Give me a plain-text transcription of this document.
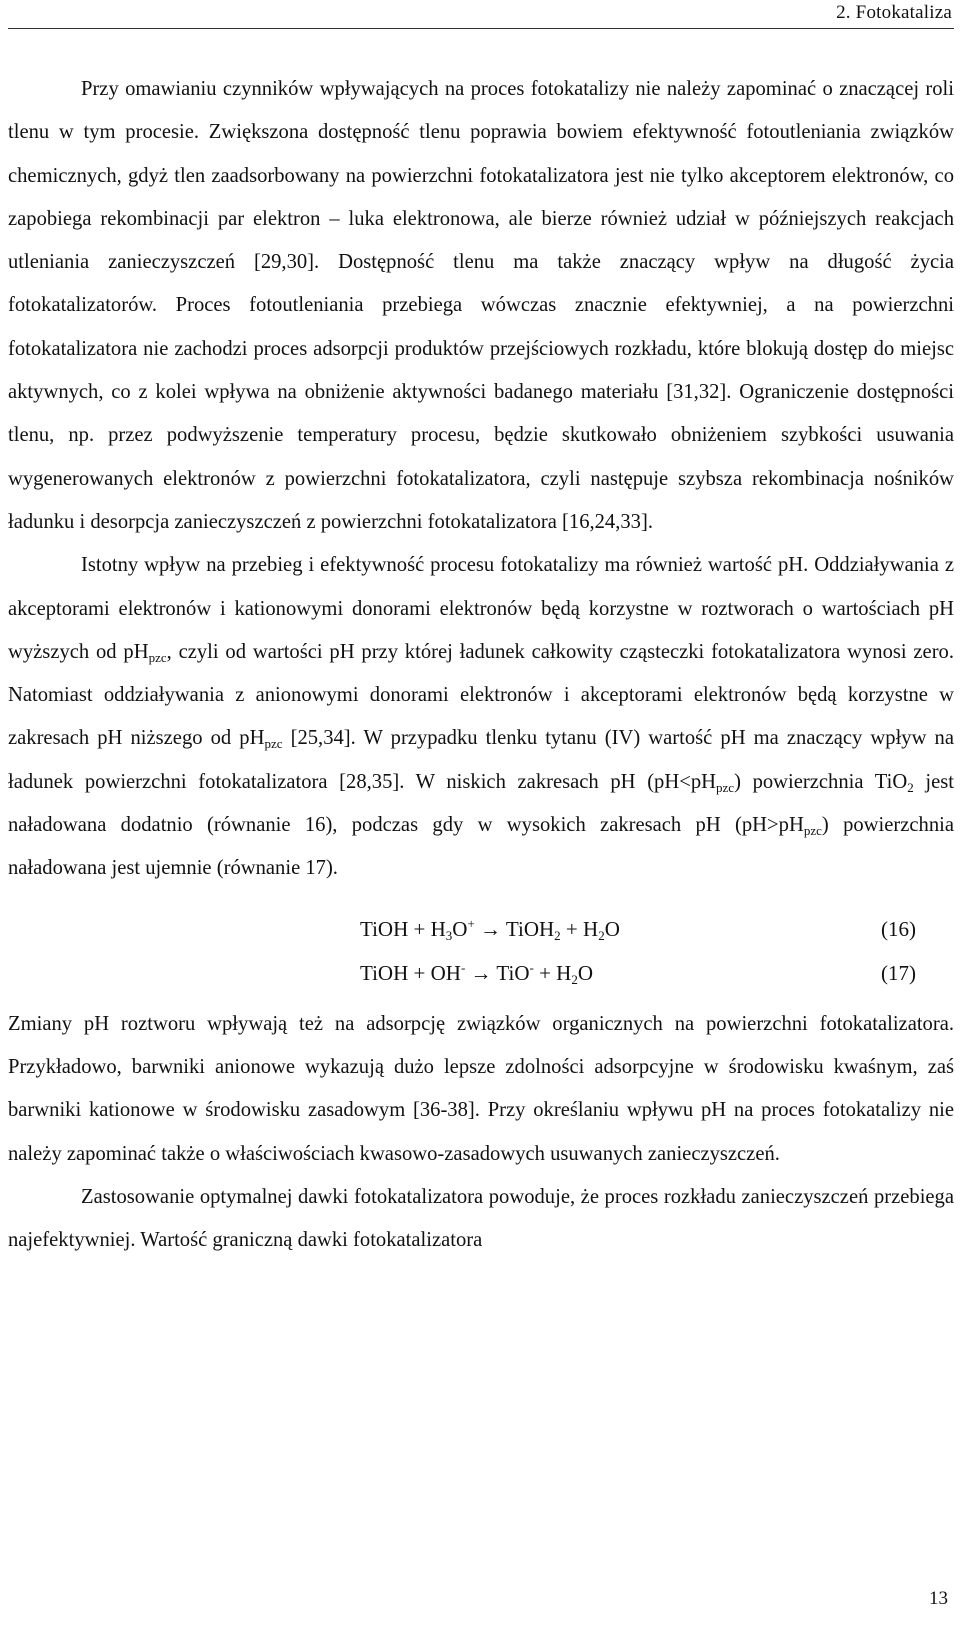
2. Fotokataliza

Przy omawianiu czynników wpływających na proces fotokatalizy nie należy zapominać o znaczącej roli tlenu w tym procesie. Zwiększona dostępność tlenu poprawia bowiem efektywność fotoutleniania związków chemicznych, gdyż tlen zaadsorbowany na powierzchni fotokatalizatora jest nie tylko akceptorem elektronów, co zapobiega rekombinacji par elektron – luka elektronowa, ale bierze również udział w późniejszych reakcjach utleniania zanieczyszczeń [29,30]. Dostępność tlenu ma także znaczący wpływ na długość życia fotokatalizatorów. Proces fotoutleniania przebiega wówczas znacznie efektywniej, a na powierzchni fotokatalizatora nie zachodzi proces adsorpcji produktów przejściowych rozkładu, które blokują dostęp do miejsc aktywnych, co z kolei wpływa na obniżenie aktywności badanego materiału [31,32]. Ograniczenie dostępności tlenu, np. przez podwyższenie temperatury procesu, będzie skutkowało obniżeniem szybkości usuwania wygenerowanych elektronów z powierzchni fotokatalizatora, czyli następuje szybsza rekombinacja nośników ładunku i desorpcja zanieczyszczeń z powierzchni fotokatalizatora [16,24,33].

Istotny wpływ na przebieg i efektywność procesu fotokatalizy ma również wartość pH. Oddziaływania z akceptorami elektronów i kationowymi donorami elektronów będą korzystne w roztworach o wartościach pH wyższych od $pH_{pzc}$, czyli od wartości pH przy której ładunek całkowity cząsteczki fotokatalizatora wynosi zero. Natomiast oddziaływania z anionowymi donorami elektronów i akceptorami elektronów będą korzystne w zakresach pH niższego od $pH_{pzc}$ [25,34]. W przypadku tlenku tytanu (IV) wartość pH ma znaczący wpływ na ładunek powierzchni fotokatalizatora [28,35]. W niskich zakresach pH $(pH<pH_{pzc})$ powierzchnia TiO$_2$ jest naładowana dodatnio (równanie 16), podczas gdy w wysokich zakresach pH $(pH>pH_{pzc})$ powierzchnia naładowana jest ujemnie (równanie 17).

TiOH + $H_3O^+$ → TiOH$_2$ + $H_2O$	(16)
TiOH + $OH^- \to TiO^- + H_2O$	(17)

Zmiany pH roztworu wpływają też na adsorpcję związków organicznych na powierzchni fotokatalizatora. Przykładowo, barwniki anionowe wykazują dużo lepsze zdolności adsorpcyjne w środowisku kwaśnym, zaś barwniki kationowe w środowisku zasadowym [36-38]. Przy określaniu wpływu pH na proces fotokatalizy nie należy zapominać także o właściwościach kwasowo-zasadowych usuwanych zanieczyszczeń.

Zastosowanie optymalnej dawki fotokatalizatora powoduje, że proces rozkładu zanieczyszczeń przebiega najefektywniej. Wartość graniczną dawki fotokatalizatora

13
